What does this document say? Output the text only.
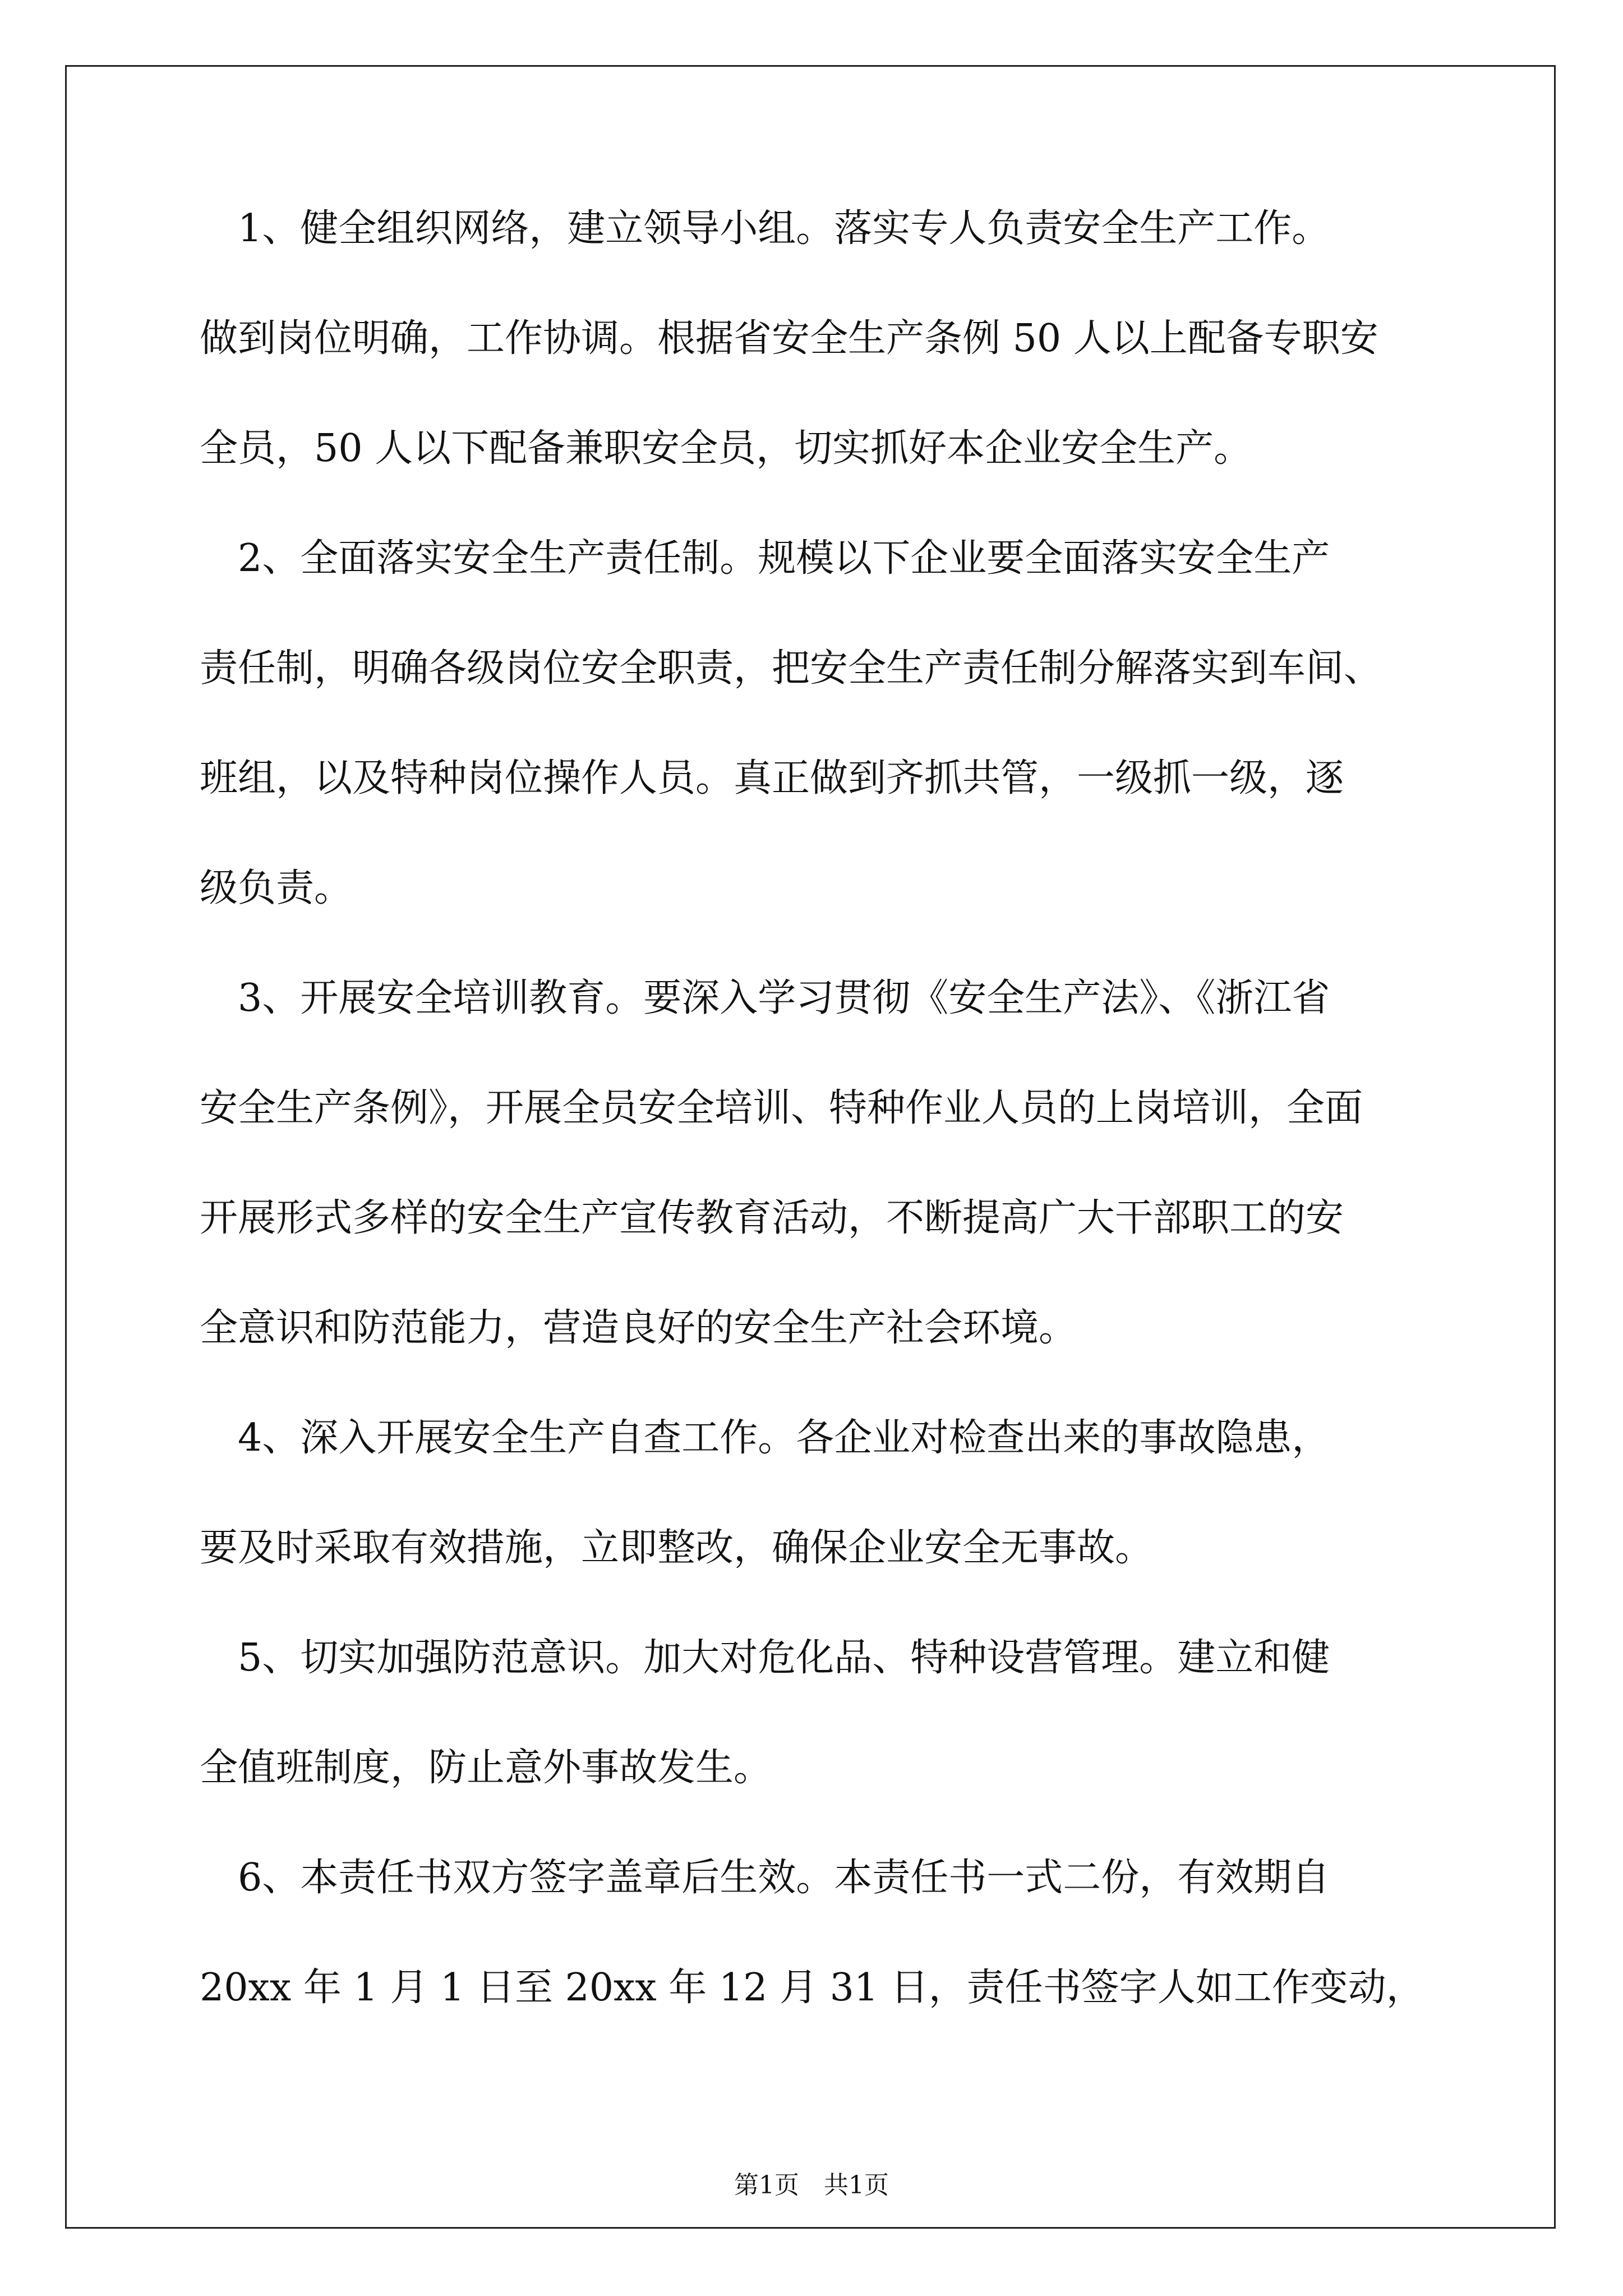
　1、健全组织网络，建立领导小组。落实专人负责安全生产工作。
做到岗位明确，工作协调。根据省安全生产条例 50 人以上配备专职安
全员，50 人以下配备兼职安全员，切实抓好本企业安全生产。
　2、全面落实安全生产责任制。规模以下企业要全面落实安全生产
责任制，明确各级岗位安全职责，把安全生产责任制分解落实到车间、
班组，以及特种岗位操作人员。真正做到齐抓共管，一级抓一级，逐
级负责。
　3、开展安全培训教育。要深入学习贯彻《安全生产法》、《浙江省
安全生产条例》，开展全员安全培训、特种作业人员的上岗培训，全面
开展形式多样的安全生产宣传教育活动，不断提高广大干部职工的安
全意识和防范能力，营造良好的安全生产社会环境。
　4、深入开展安全生产自查工作。各企业对检查出来的事故隐患，
要及时采取有效措施，立即整改，确保企业安全无事故。
　5、切实加强防范意识。加大对危化品、特种设营管理。建立和健
全值班制度，防止意外事故发生。
　6、本责任书双方签字盖章后生效。本责任书一式二份，有效期自
20xx 年 1 月 1 日至 20xx 年 12 月 31 日，责任书签字人如工作变动，
第1页　共1页
